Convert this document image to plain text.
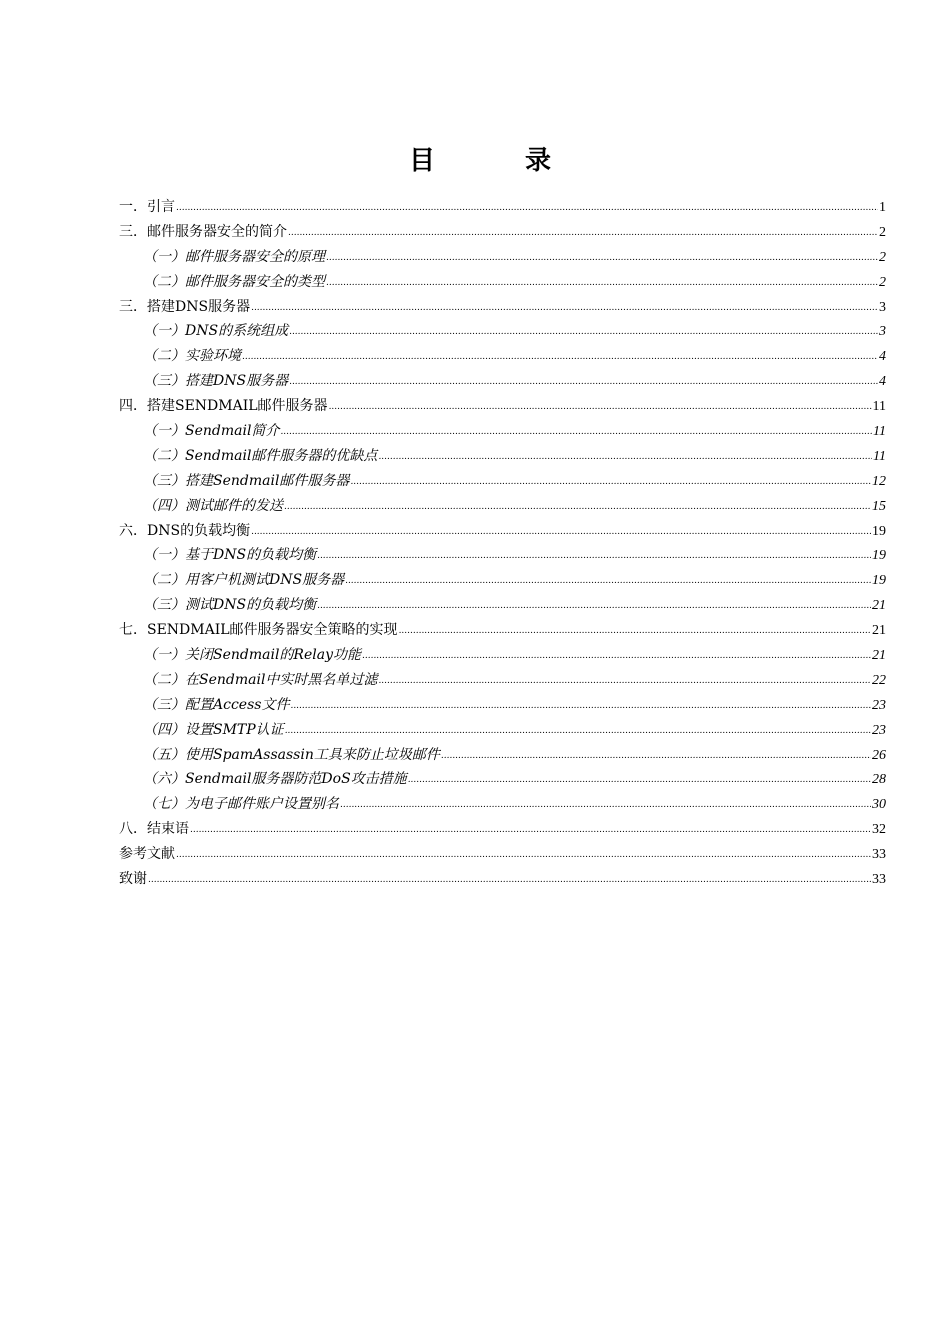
目　录
一．引言 .....	1
三．邮件服务器安全的简介 .....	2
（一）邮件服务器安全的原理 .....	2
（二）邮件服务器安全的类型 .....	2
三．搭建DNS服务器 .....	3
（一）DNS的系统组成 .....	3
（二）实验环境 .....	4
（三）搭建DNS服务器 .....	4
四．搭建SENDMAIL邮件服务器 .....	11
（一）Sendmail简介 .....	11
（二）Sendmail邮件服务器的优缺点 .....	11
（三）搭建Sendmail邮件服务器 .....	12
（四）测试邮件的发送 .....	15
六．DNS的负载均衡 .....	19
（一）基于DNS的负载均衡 .....	19
（二）用客户机测试DNS服务器 .....	19
（三）测试DNS的负载均衡 .....	21
七．SENDMAIL邮件服务器安全策略的实现 .....	21
（一）关闭Sendmail的Relay功能 .....	21
（二）在Sendmail中实时黑名单过滤 .....	22
（三）配置Access文件 .....	23
（四）设置SMTP认证 .....	23
（五）使用SpamAssassin工具来防止垃圾邮件 .....	26
（六）Sendmail服务器防范DoS攻击措施 .....	28
（七）为电子邮件账户设置别名 .....	30
八．结束语 .....	32
参考文献 .....	33
致谢 .....	33
